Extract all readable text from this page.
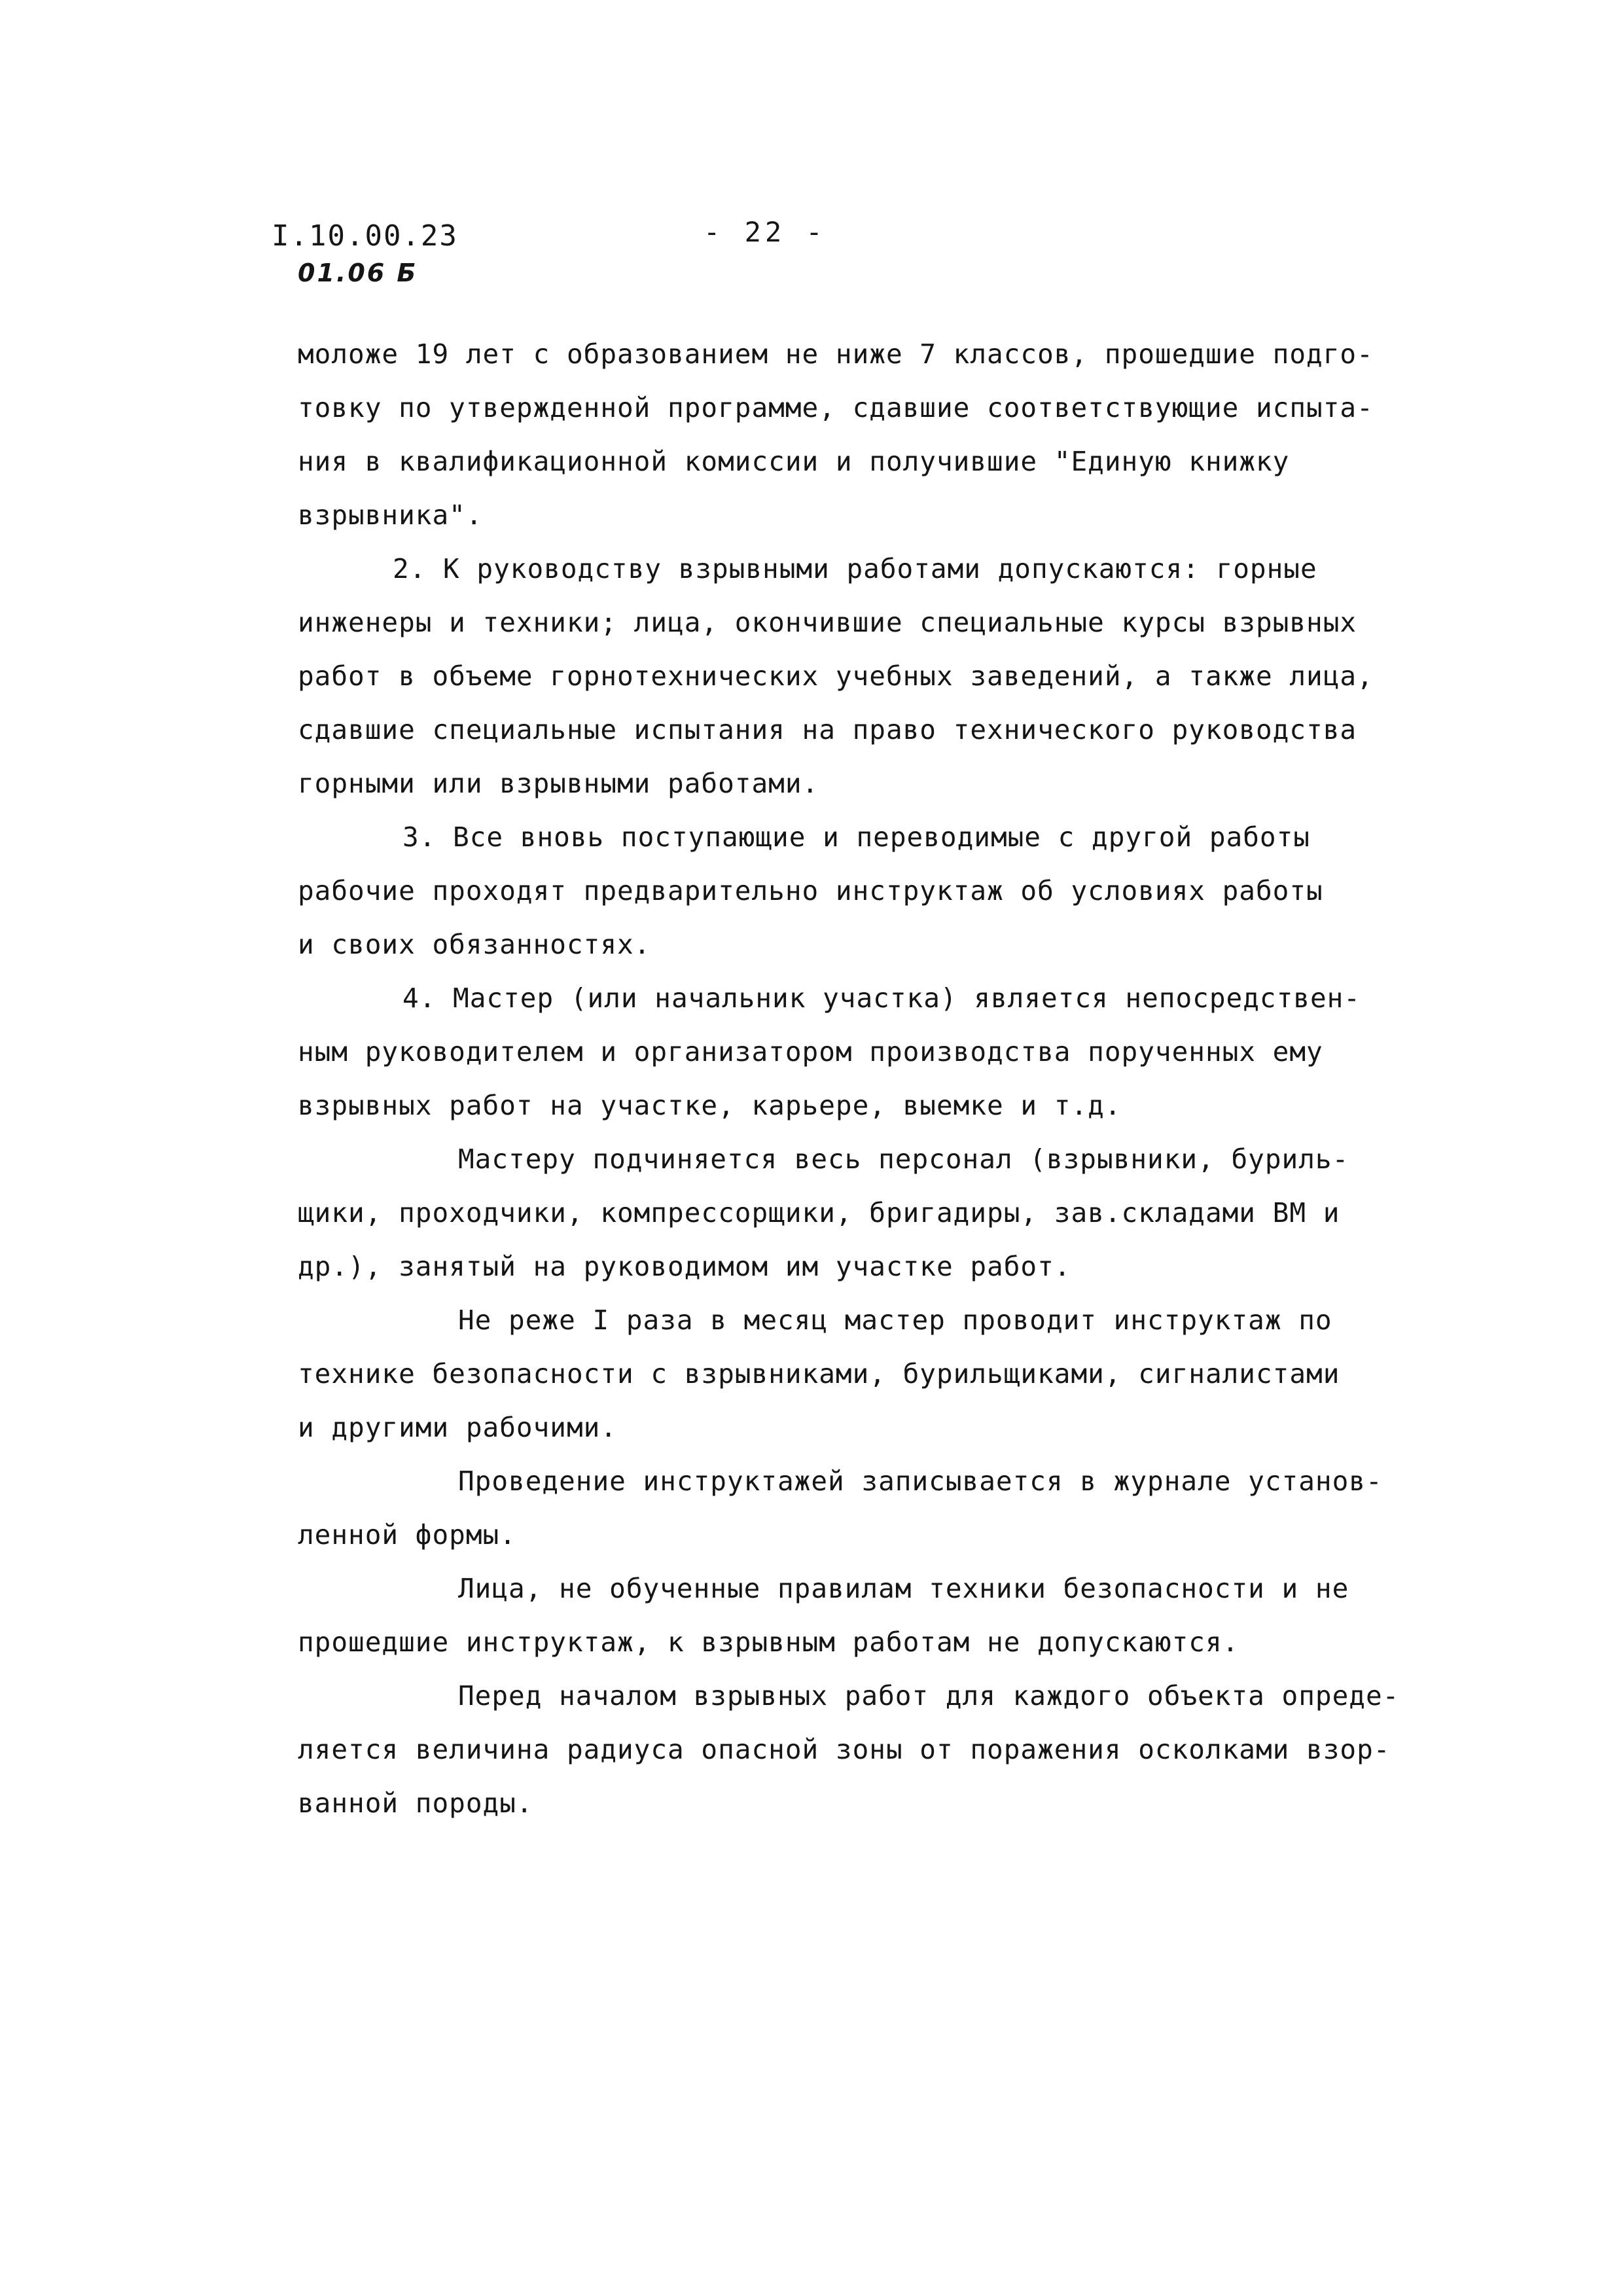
I.10.00.23
01.06 Б
- 22 -
моложе 19 лет с образованием не ниже 7 классов, прошедшие подго-
товку по утвержденной программе, сдавшие соответствующие испыта-
ния в квалификационной комиссии и получившие "Единую книжку
взрывника".
2. К руководству взрывными работами допускаются: горные
инженеры и техники; лица, окончившие специальные курсы взрывных
работ в объеме горнотехнических учебных заведений, а также лица,
сдавшие специальные испытания на право технического руководства
горными или взрывными работами.
3. Все вновь поступающие и переводимые с другой работы
рабочие проходят предварительно инструктаж об условиях работы
и своих обязанностях.
4. Мастер (или начальник участка) является непосредствен-
ным руководителем и организатором производства порученных ему
взрывных работ на участке, карьере, выемке и т.д.
Мастеру подчиняется весь персонал (взрывники, буриль-
щики, проходчики, компрессорщики, бригадиры, зав.складами ВМ и
др.), занятый на руководимом им участке работ.
Не реже I раза в месяц мастер проводит инструктаж по
технике безопасности с взрывниками, бурильщиками, сигналистами
и другими рабочими.
Проведение инструктажей записывается в журнале установ-
ленной формы.
Лица, не обученные правилам техники безопасности и не
прошедшие инструктаж, к взрывным работам не допускаются.
Перед началом взрывных работ для каждого объекта опреде-
ляется величина радиуса опасной зоны от поражения осколками взор-
ванной породы.
